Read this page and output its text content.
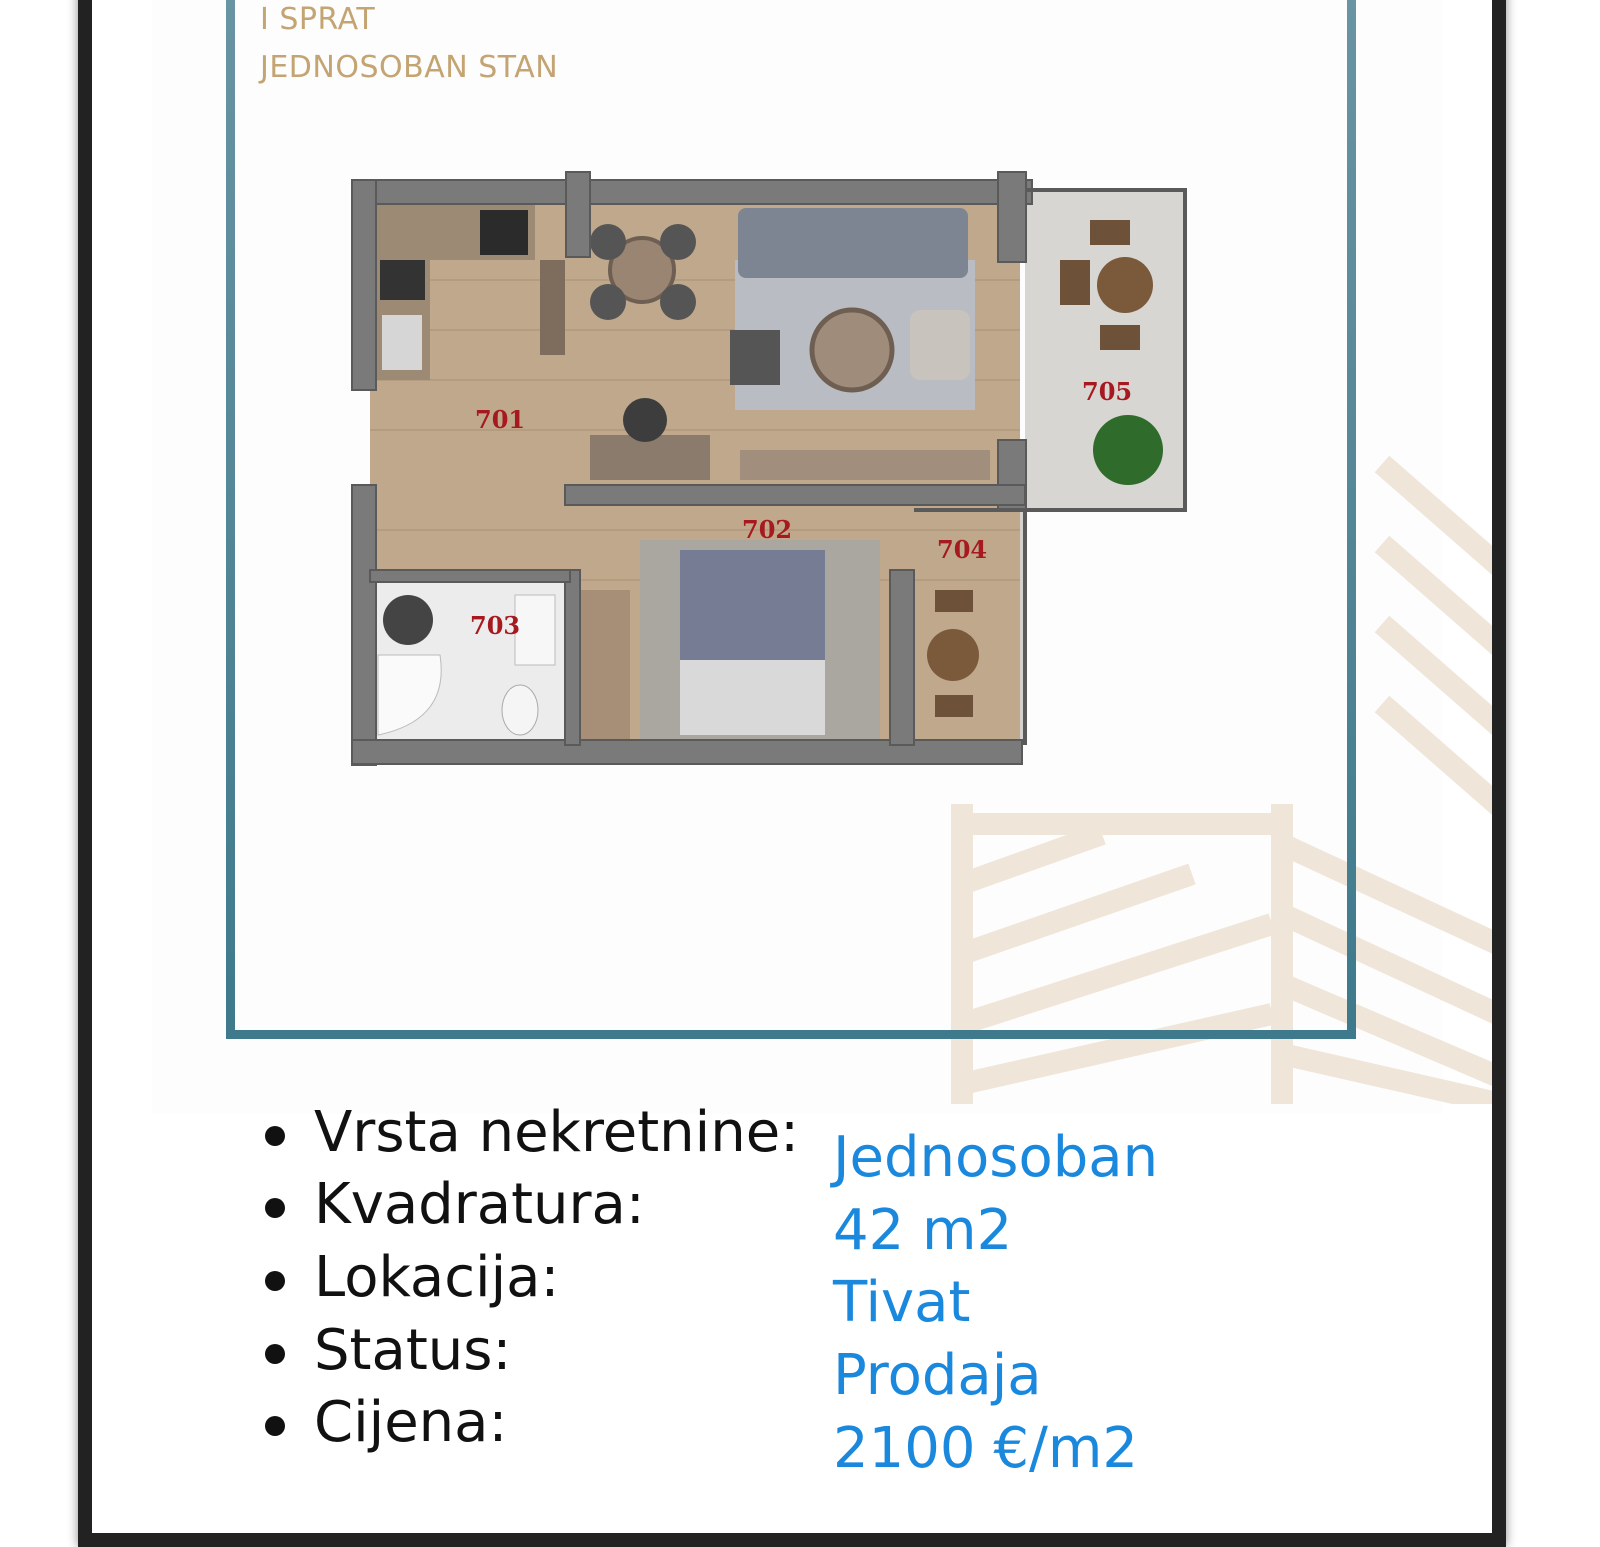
I SPRAT
JEDNOSOBAN STAN
701
702
703
704
705
Vrsta nekretnine:
Kvadratura:
Lokacija:
Status:
Cijena:
Jednosoban
42 m2
Tivat
Prodaja
2100 €/m2
